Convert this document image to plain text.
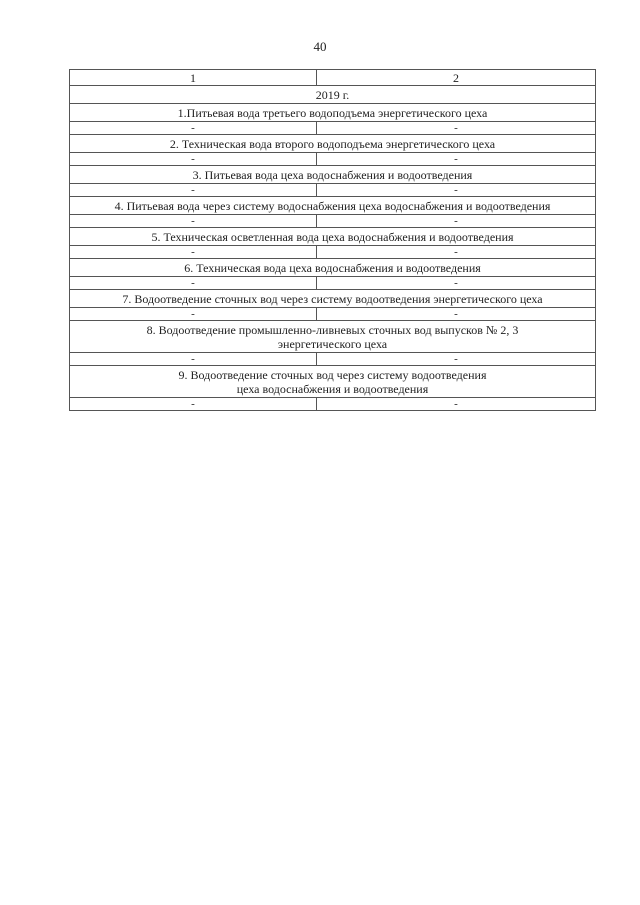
40
1	2
2019 г.	

1.Питьевая вода третьего водоподъема энергетического цеха	

-	-

2. Техническая вода второго водоподъема энергетического цеха	

-	-

3. Питьевая вода цеха водоснабжения и водоотведения	

-	-

4. Питьевая вода через систему водоснабжения цеха водоснабжения и водоотведения	

-	-

5. Техническая осветленная вода цеха водоснабжения и водоотведения	

-	-

6. Техническая вода цеха водоснабжения и водоотведения	

-	-

7. Водоотведение сточных вод через систему водоотведения энергетического цеха	

-	-

8. Водоотведение промышленно-ливневых сточных вод выпусков № 2, 3
энергетического цеха	

-	-

9. Водоотведение сточных вод через систему водоотведения
цеха водоснабжения и водоотведения	

-	-
